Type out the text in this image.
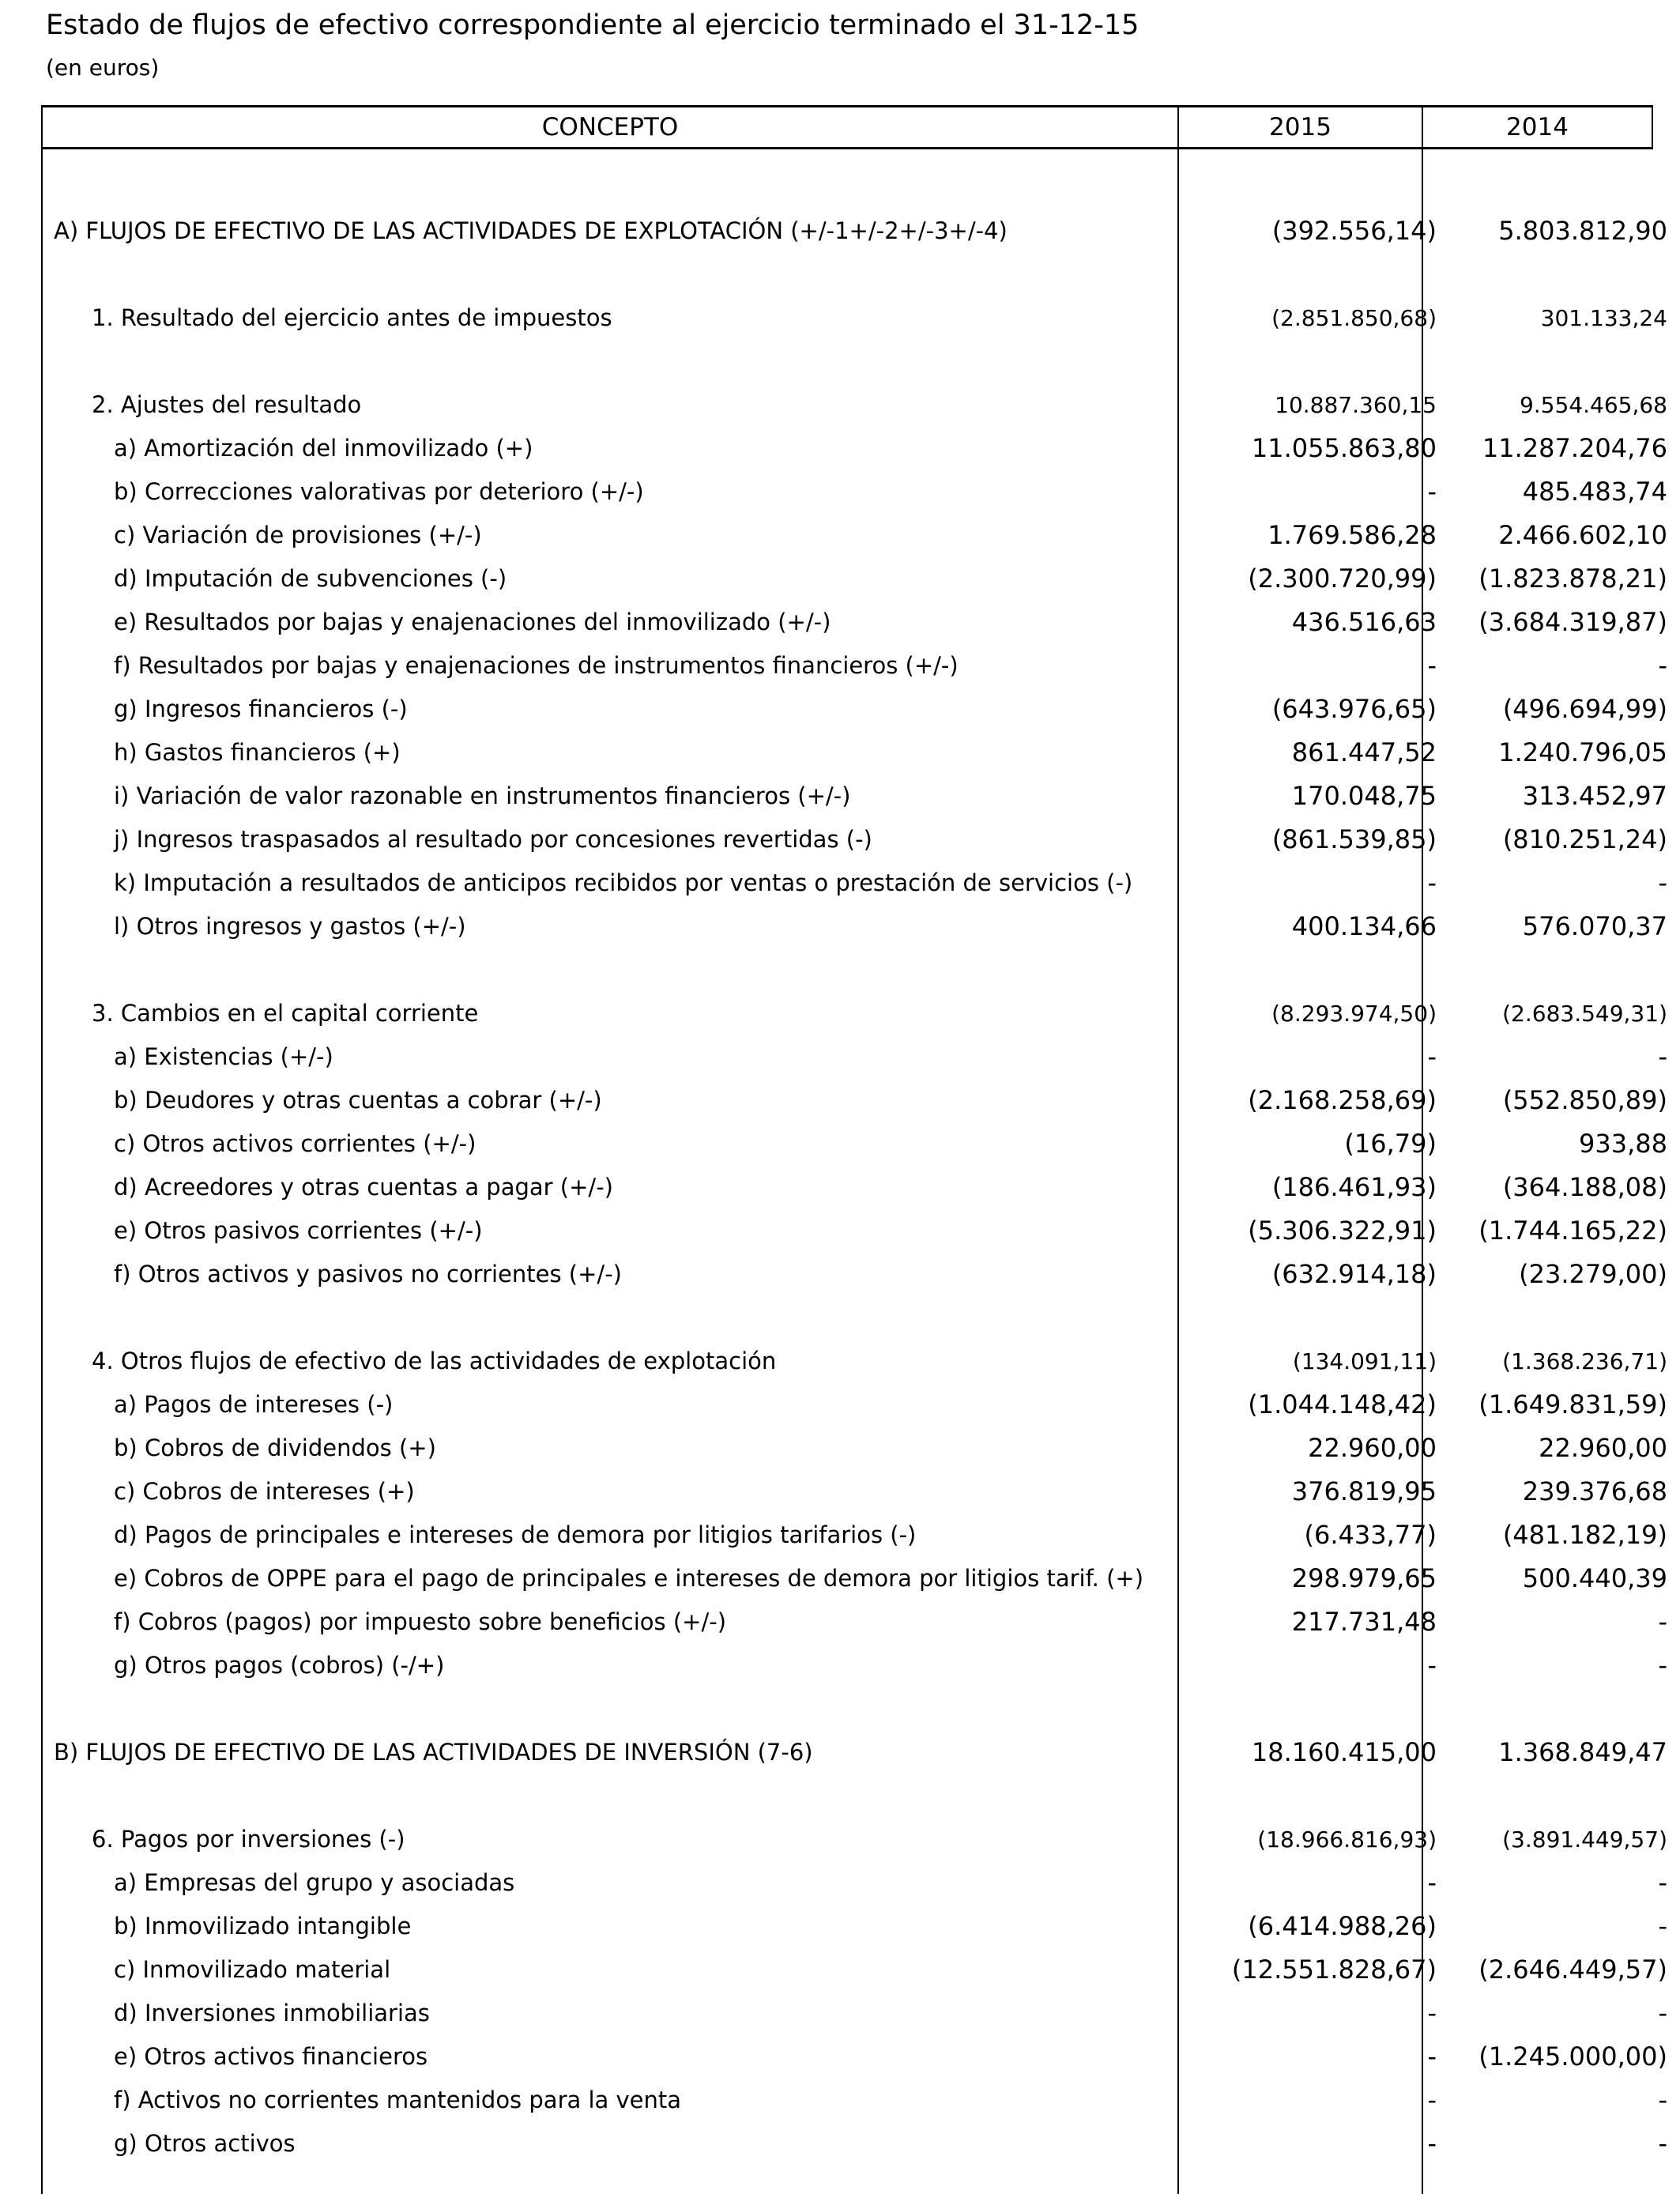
Estado de flujos de efectivo correspondiente al ejercicio terminado el 31-12-15
(en euros)
CONCEPTO	2015	2014
A) FLUJOS DE EFECTIVO DE LAS ACTIVIDADES DE EXPLOTACIÓN (+/-1+/-2+/-3+/-4)	(392.556,14)	5.803.812,90
1. Resultado del ejercicio antes de impuestos	(2.851.850,68)	301.133,24
2. Ajustes del resultado	10.887.360,15	9.554.465,68
a) Amortización del inmovilizado (+)	11.055.863,80	11.287.204,76
b) Correcciones valorativas por deterioro (+/-)	-	485.483,74
c) Variación de provisiones (+/-)	1.769.586,28	2.466.602,10
d) Imputación de subvenciones (-)	(2.300.720,99)	(1.823.878,21)
e) Resultados por bajas y enajenaciones del inmovilizado (+/-)	436.516,63	(3.684.319,87)
f) Resultados por bajas y enajenaciones de instrumentos financieros (+/-)	-	-
g) Ingresos financieros (-)	(643.976,65)	(496.694,99)
h) Gastos financieros (+)	861.447,52	1.240.796,05
i) Variación de valor razonable en instrumentos financieros (+/-)	170.048,75	313.452,97
j) Ingresos traspasados al resultado por concesiones revertidas (-)	(861.539,85)	(810.251,24)
k) Imputación a resultados de anticipos recibidos por ventas o prestación de servicios (-)	-	-
l) Otros ingresos y gastos (+/-)	400.134,66	576.070,37
3. Cambios en el capital corriente	(8.293.974,50)	(2.683.549,31)
a) Existencias (+/-)	-	-
b) Deudores y otras cuentas a cobrar (+/-)	(2.168.258,69)	(552.850,89)
c) Otros activos corrientes (+/-)	(16,79)	933,88
d) Acreedores y otras cuentas a pagar (+/-)	(186.461,93)	(364.188,08)
e) Otros pasivos corrientes (+/-)	(5.306.322,91)	(1.744.165,22)
f) Otros activos y pasivos no corrientes (+/-)	(632.914,18)	(23.279,00)
4. Otros flujos de efectivo de las actividades de explotación	(134.091,11)	(1.368.236,71)
a) Pagos de intereses (-)	(1.044.148,42)	(1.649.831,59)
b) Cobros de dividendos (+)	22.960,00	22.960,00
c) Cobros de intereses (+)	376.819,95	239.376,68
d) Pagos de principales e intereses de demora por litigios tarifarios (-)	(6.433,77)	(481.182,19)
e) Cobros de OPPE para el pago de principales e intereses de demora por litigios tarif. (+)	298.979,65	500.440,39
f) Cobros (pagos) por impuesto sobre beneficios (+/-)	217.731,48	-
g) Otros pagos (cobros) (-/+)	-	-
B) FLUJOS DE EFECTIVO DE LAS ACTIVIDADES DE INVERSIÓN (7-6)	18.160.415,00	1.368.849,47
6. Pagos por inversiones (-)	(18.966.816,93)	(3.891.449,57)
a) Empresas del grupo y asociadas	-	-
b) Inmovilizado intangible	(6.414.988,26)	-
c) Inmovilizado material	(12.551.828,67)	(2.646.449,57)
d) Inversiones inmobiliarias	-	-
e) Otros activos financieros	-	(1.245.000,00)
f) Activos no corrientes mantenidos para la venta	-	-
g) Otros activos	-	-
